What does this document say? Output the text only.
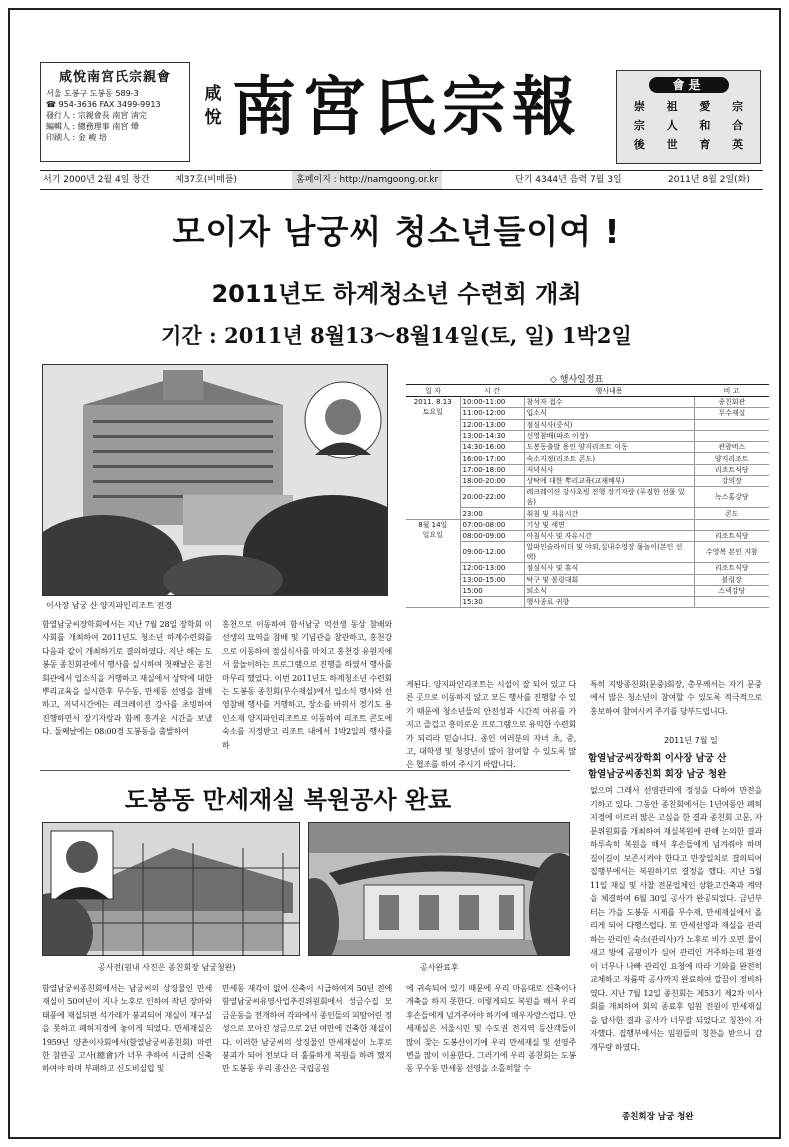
咸悅南宮氏宗親會
서울 도봉구 도봉동 589-3
☎ 954-3636 FAX 3499-9913
發行人 : 宗親會長 南宮 淸完
編輯人 : 總務理事 南宮 燁
印刷人 : 金 峻 培
咸
悅 南宮氏宗報	會是
崇	祖	愛	宗
宗	人	和	合
後	世	育	英
서기 2000년 2월 4일 창간	제37호(비매품)	홈페이지 : http://namgoong.or.kr	단기 4344년 음력 7월 3일	2011년 8월 2일(화)
모이자 남궁씨 청소년들이여 !
2011년도 하계청소년 수련회 개최
기간 : 2011년 8월13～8월14일(토, 일) 1박2일
이사장 남궁 산 양지파인리조트 전경
◇ 행사일정표
일 자	시 간	행사내용	비 고

2011. 8.13
토요일	10:00-11:00	참석자 접수	종친회관
	11:00-12:00	입소식	무수재실
	12:00-13:00	점심식사(중식)	
	13:00-14:30	선영참배(파조 이상)	
	14:30-16:00	도봉동출발 용인 양지리조트 이동	관광버스
	16:00-17:00	숙소지정(리조트 콘도)	양지리조트
	17:00-18:00	저녁식사	리조트식당
	18:00-20:00	상탁에 대한 뿌리교육(교재배부)	강의장
	20:00-22:00	레크레이션 강사초빙 진행 장기자랑 (푸짐한 선물 있음)	녹스홀강당
	23:00	취침 및 자유시간	콘도

8월 14일
일요일	07:00-08:00	기상 및 세면	
	08:00-09:00	아침식사 및 자유시간	리조트식당
	09:00-12:00	알파인슬라이더 및 야외,실내수영장 물놀이(본인 선택)	수영복 본인 지참
	12:00-13:00	점심식사 및 휴식	리조트식당
	13:00-15:00	탁구 및 볼링대회	볼링장
	15:00	퇴소식	스넥강당
	15:30	행사종료 귀향	
함열남궁씨장학회에서는 지난 7월 28일 장학회 이사회를 개최하여 2011년도 청소년 하계수련회를 다음과 같이 개최하기로 결의하였다. 지난 해는 도봉동 종친회관에서 행사를 실시하여 첫째날은 종친회관에서 입소식을 거행하고 재실에서 상탁에 대한 뿌리교육을 실시한후 무수동, 만세동 선영을 참배하고, 저녁시간에는 레크레이션 강사를 초빙하여 진행하면서 장기자랑과 함께 흥겨운 시간을 보냈다. 둘째날에는 08:00경 도봉동을 출발하여
홍천으로 이동하여 함서남궁 억선생 동상 참배와 선생의 묘역을 참배 및 기념관을 참관하고, 홍천강으로 이동하여 점심식사를 마치고 홍천강 유원지에서 물놀이하는 프로그램으로 진행을 하였서 행사를 마무리 했었다. 이번 2011년도 하계청소년 수련회는 도봉동 종친회(무수재실)에서 입소식 행사와 선영참배 행사를 거행하고, 장소를 바꿔서 경기도 용인소재 양지파인리조트로 이동하여 리조트 콘도에 숙소를 지정받고 리조트 내에서 1박2일의 행사를 하
게된다. 양지파인리조트는 시설이 잘 되어 있고 다른 곳으로 이동하지 않고 모든 행사를 진행할 수 있기 때문에 청소년들의 안전성과 시간적 여유를 가지고 즐겁고 흥미로운 프로그램으로 유익한 수련회가 되리라 믿습니다. 종인 여러분의 자녀 초, 중, 고, 대학생 및 청장년이 많이 참여할 수 있도록 많은 협조를 하여 주시기 바랍니다.
특히 지방종친회(문중)회장, 총무께서는 자기 문중에서 많은 청소년이 참여할 수 있도록 적극적으로 홍보하여 참여시켜 주기를 당부드립니다.
2011년 7월 일
함열남궁씨장학회 이사장 남궁 산
함열남궁씨종친회 회장 남궁 청완
도봉동 만세재실 복원공사 완료
공사전(원내 사진은 종친회장 남궁청완)	공사완료후
함열남궁씨종친회에서는 남궁씨의 상징물인 만세재실이 50여년이 지나 노후로 인하여 작년 장마와 태풍에 재실뒤편 석가래가 붕괴되어 재실이 재구실을 못하고 폐허지경에 놓이게 되었다. 만세재실은 1959년 양촌이사회에서(함열남궁씨종친회) 마련한 참관공 고사(總會)가 너무 추하여 시급히 신축하여야 하며 부패하고 신도비실립 및
만세동 재각이 없어 신축이 시급하여져 50년 전에 함열남궁씨유영사업추진위원회에서 성금수집 모금운동을 전개하여 각파에서 종인들의 피땀어린 정성으로 모아진 성금으로 2년 여만에 건축한 재실이다. 이러한 남궁씨의 상징물인 만세재실이 노후로 붕괴가 되어 전보다 더 훌륭하게 복원을 하려 했지만 도봉동 우리 종산은 국립공원
에 귀속되어 있기 때문에 우리 마음대로 신축이나 개축을 하지 못한다. 이렇게되도 복원을 해서 우리 후손들에게 넘겨주어야 하기에 매우자랑스럽다. 만세재실은 서울시민 및 수도권 전지역 등산객들이 많이 찾는 도봉산이기에 우리 만세재실 및 선영주변을 많이 이용한다. 그러기에 우리 종친회는 도봉동 무수동 만세동 선영을 소홀히할 수
없으며 그래서 선영관리에 정성을 다하여 만전을 기하고 있다. 그동안 종친회에서는 1년여동안 폐허지경에 이르러 많은 고심을 한 결과 종친회 고문, 자문위원회를 개최하여 재실복원에 관해 논의한 결과 하루속히 복원을 해서 후손들에게 넘겨줘야 하며 길이길이 보존시켜야 한다고 만장일치로 결의되어 집행부에서는 복원하기로 결정을 했다. 지난 5월 11일 재실 및 사찰 전문업체인 상환고건축과 계약을 체결하여 6월 30일 공사가 완공되었다. 금년부터는 가을 도봉동 시제를 무수재, 만세재실에서 올리게 되어 다행스럽다. 또 만세선영과 재실을 관리하는 관리인 숙소(관리사)가 노후로 비가 오면 물이새고 방에 곰팡이가 심어 관리인 거주하는데 환경이 너무나 나빠 관리인 요청에 따라 기와를 완전히 교체하고 자륨막 공사까지 완료하여 깔끔이 정비하였다. 지난 7월 12일 종친회는 제53기 제2차 이사회를 개최하여 회의 종료후 임원 전원이 만세재실을 답사한 결과 공사가 너무잘 되었다고 칭찬이 자자했다. 집행부에서는 임원들의 칭찬을 받으니 감개무량 하였다.
종친회장 남궁 청완
